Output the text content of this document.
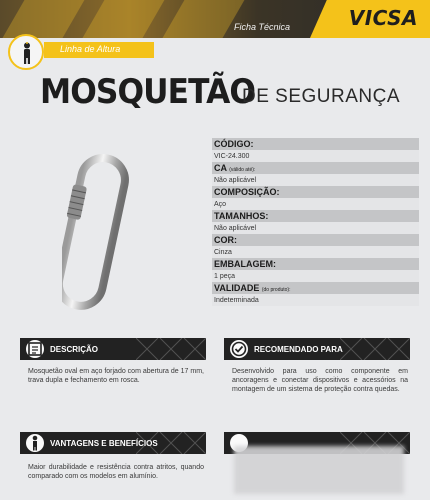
Ficha Técnica	VICSA
Linha de Altura
MOSQUETÃO
DE SEGURANÇA
CÓDIGO:
VIC-24.300
CA (válido até):
Não aplicável
COMPOSIÇÃO:
Aço
TAMANHOS:
Não aplicável
COR:
Cinza
EMBALAGEM:
1 peça
VALIDADE (do produto):
Indeterminada
DESCRIÇÃO

Mosquetão oval em aço forjado com abertura de 17 mm, trava dupla e fechamento em rosca.

RECOMENDADO PARA

Desenvolvido para uso como componente em ancoragens e conectar dispositivos e acessórios na montagem de um sistema de proteção contra quedas.

VANTAGENS E BENEFÍCIOS

Maior durabilidade e resistência contra atritos, quando comparado com os modelos em alumínio.
